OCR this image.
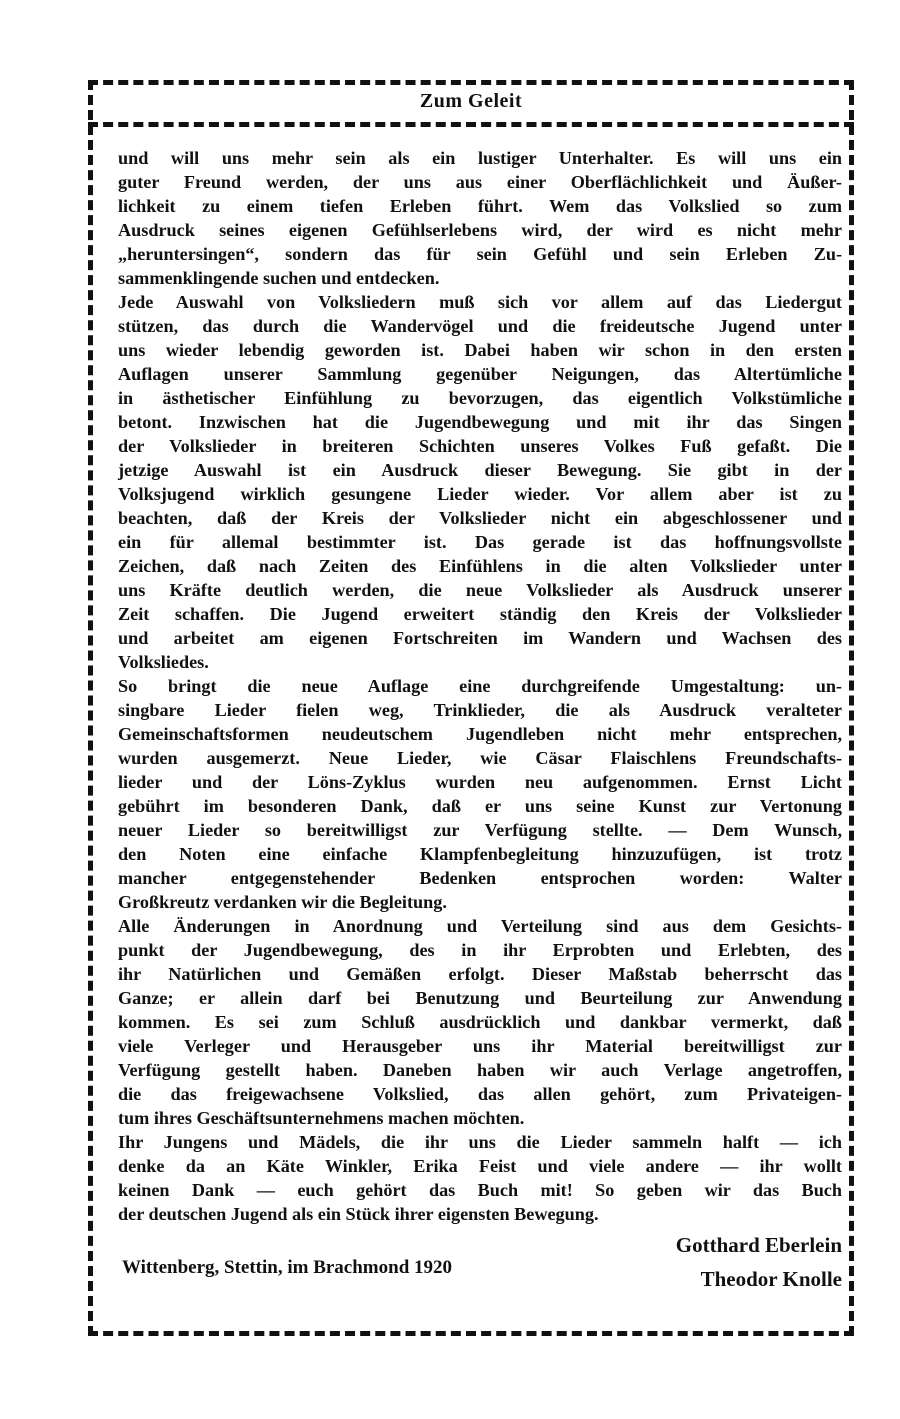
Zum Geleit
und will uns mehr sein als ein lustiger Unterhalter. Es will uns ein
guter Freund werden, der uns aus einer Oberflächlichkeit und Äußer-
lichkeit zu einem tiefen Erleben führt. Wem das Volkslied so zum
Ausdruck seines eigenen Gefühlserlebens wird, der wird es nicht mehr
„heruntersingen“, sondern das für sein Gefühl und sein Erleben Zu-
sammenklingende suchen und entdecken.
Jede Auswahl von Volksliedern muß sich vor allem auf das Liedergut
stützen, das durch die Wandervögel und die freideutsche Jugend unter
uns wieder lebendig geworden ist. Dabei haben wir schon in den ersten
Auflagen unserer Sammlung gegenüber Neigungen, das Altertümliche
in ästhetischer Einfühlung zu bevorzugen, das eigentlich Volkstümliche
betont. Inzwischen hat die Jugendbewegung und mit ihr das Singen
der Volkslieder in breiteren Schichten unseres Volkes Fuß gefaßt. Die
jetzige Auswahl ist ein Ausdruck dieser Bewegung. Sie gibt in der
Volksjugend wirklich gesungene Lieder wieder. Vor allem aber ist zu
beachten, daß der Kreis der Volkslieder nicht ein abgeschlossener und
ein für allemal bestimmter ist. Das gerade ist das hoffnungsvollste
Zeichen, daß nach Zeiten des Einfühlens in die alten Volkslieder unter
uns Kräfte deutlich werden, die neue Volkslieder als Ausdruck unserer
Zeit schaffen. Die Jugend erweitert ständig den Kreis der Volkslieder
und arbeitet am eigenen Fortschreiten im Wandern und Wachsen des
Volksliedes.
So bringt die neue Auflage eine durchgreifende Umgestaltung: un-
singbare Lieder fielen weg, Trinklieder, die als Ausdruck veralteter
Gemeinschaftsformen neudeutschem Jugendleben nicht mehr entsprechen,
wurden ausgemerzt. Neue Lieder, wie Cäsar Flaischlens Freundschafts-
lieder und der Löns-Zyklus wurden neu aufgenommen. Ernst Licht
gebührt im besonderen Dank, daß er uns seine Kunst zur Vertonung
neuer Lieder so bereitwilligst zur Verfügung stellte. — Dem Wunsch,
den Noten eine einfache Klampfenbegleitung hinzuzufügen, ist trotz
mancher entgegenstehender Bedenken entsprochen worden: Walter
Großkreutz verdanken wir die Begleitung.
Alle Änderungen in Anordnung und Verteilung sind aus dem Gesichts-
punkt der Jugendbewegung, des in ihr Erprobten und Erlebten, des
ihr Natürlichen und Gemäßen erfolgt. Dieser Maßstab beherrscht das
Ganze; er allein darf bei Benutzung und Beurteilung zur Anwendung
kommen. Es sei zum Schluß ausdrücklich und dankbar vermerkt, daß
viele Verleger und Herausgeber uns ihr Material bereitwilligst zur
Verfügung gestellt haben. Daneben haben wir auch Verlage angetroffen,
die das freigewachsene Volkslied, das allen gehört, zum Privateigen-
tum ihres Geschäftsunternehmens machen möchten.
Ihr Jungens und Mädels, die ihr uns die Lieder sammeln halft — ich
denke da an Käte Winkler, Erika Feist und viele andere — ihr wollt
keinen Dank — euch gehört das Buch mit! So geben wir das Buch
der deutschen Jugend als ein Stück ihrer eigensten Bewegung.
Wittenberg, Stettin, im Brachmond 1920
Gotthard Eberlein
Theodor Knolle
